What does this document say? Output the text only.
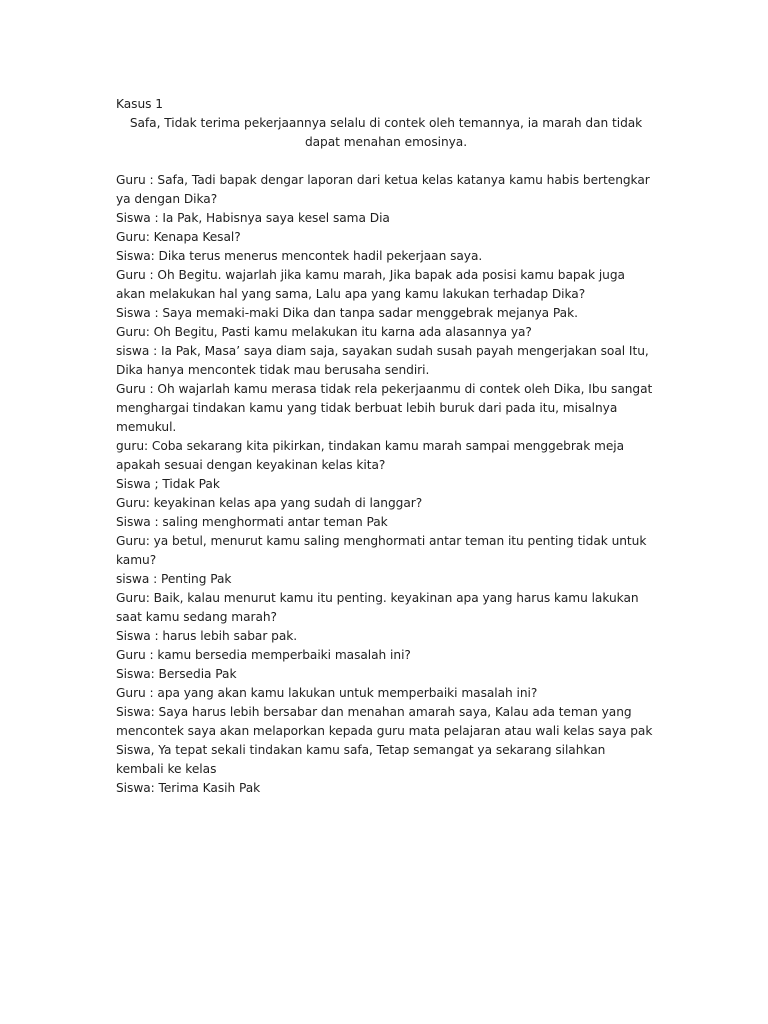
Kasus 1
Safa, Tidak terima pekerjaannya selalu di contek oleh temannya, ia marah dan tidak dapat menahan emosinya.
Guru : Safa, Tadi bapak dengar laporan dari ketua kelas katanya kamu habis bertengkar ya dengan Dika?
Siswa : Ia Pak, Habisnya saya kesel sama Dia
Guru: Kenapa Kesal?
Siswa: Dika terus menerus mencontek hadil pekerjaan saya.
Guru : Oh Begitu. wajarlah jika kamu marah, Jika bapak ada posisi kamu bapak juga akan melakukan hal yang sama, Lalu apa yang kamu lakukan terhadap Dika?
Siswa : Saya memaki-maki Dika dan tanpa sadar menggebrak mejanya Pak.
Guru: Oh Begitu, Pasti kamu melakukan itu karna ada alasannya ya?
siswa : Ia Pak, Masa’ saya diam saja, sayakan sudah susah payah mengerjakan soal Itu, Dika hanya mencontek tidak mau berusaha sendiri.
Guru : Oh wajarlah kamu merasa tidak rela pekerjaanmu di contek oleh Dika, Ibu sangat menghargai tindakan kamu yang tidak berbuat lebih buruk dari pada itu, misalnya memukul.
guru: Coba sekarang kita pikirkan, tindakan kamu marah sampai menggebrak meja apakah sesuai dengan keyakinan kelas kita?
Siswa ; Tidak Pak
Guru: keyakinan kelas apa yang sudah di langgar?
Siswa : saling menghormati antar teman Pak
Guru: ya betul, menurut kamu saling menghormati antar teman itu penting tidak untuk kamu?
siswa : Penting Pak
Guru: Baik, kalau menurut kamu itu penting. keyakinan apa yang harus kamu lakukan saat kamu sedang marah?
Siswa : harus lebih sabar pak.
Guru : kamu bersedia memperbaiki masalah ini?
Siswa: Bersedia Pak
Guru : apa yang akan kamu lakukan untuk memperbaiki masalah ini?
Siswa: Saya harus lebih bersabar dan menahan amarah saya, Kalau ada teman yang mencontek saya akan melaporkan kepada guru mata pelajaran atau wali kelas saya pak
Siswa, Ya tepat sekali tindakan kamu safa, Tetap semangat ya sekarang silahkan kembali ke kelas
Siswa: Terima Kasih Pak
